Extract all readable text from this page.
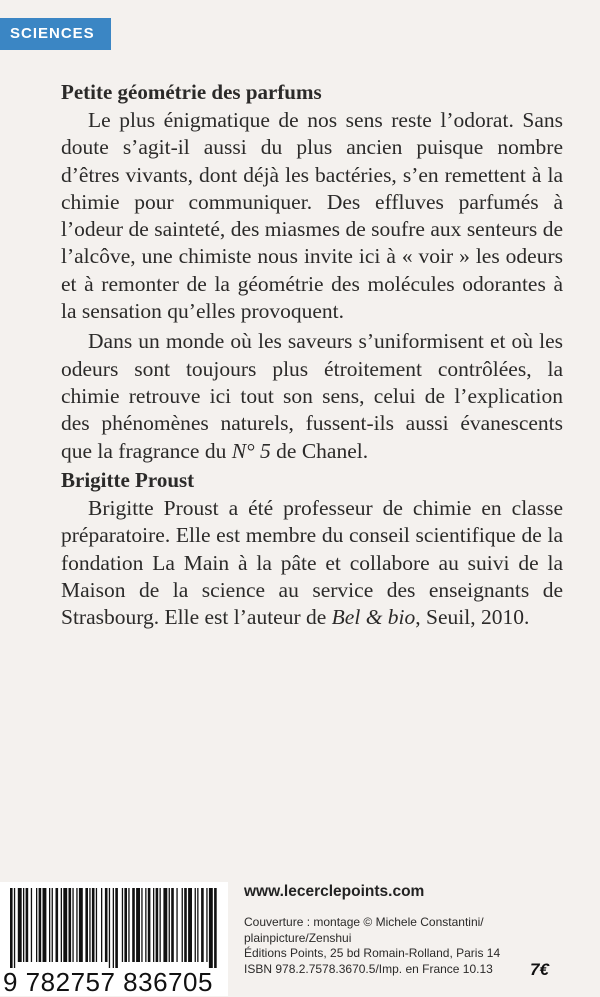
SCIENCES

Petite géométrie des parfums

Le plus énigmatique de nos sens reste l’odorat. Sans doute s’agit-il aussi du plus ancien puisque nombre d’êtres vivants, dont déjà les bactéries, s’en remettent à la chimie pour communiquer. Des effluves parfumés à l’odeur de sainteté, des miasmes de soufre aux senteurs de l’alcôve, une chimiste nous invite ici à « voir » les odeurs et à remonter de la géométrie des molécules odorantes à la sensation qu’elles provoquent.

Dans un monde où les saveurs s’uniformisent et où les odeurs sont toujours plus étroitement contrôlées, la chimie retrouve ici tout son sens, celui de l’explication des phénomènes naturels, fussent-ils aussi évanescents que la fragrance du N° 5 de Chanel.

Brigitte Proust

Brigitte Proust a été professeur de chimie en classe préparatoire. Elle est membre du conseil scientifique de la fondation La Main à la pâte et collabore au suivi de la Maison de la science au service des enseignants de Strasbourg. Elle est l’auteur de Bel & bio, Seuil, 2010.

9 782757 836705
www.lecerclepoints.com
Couverture : montage © Michele Constantini/
plainpicture/Zenshui
Éditions Points, 25 bd Romain-Rolland, Paris 14
ISBN 978.2.7578.3670.5/Imp. en France 10.13	7€
